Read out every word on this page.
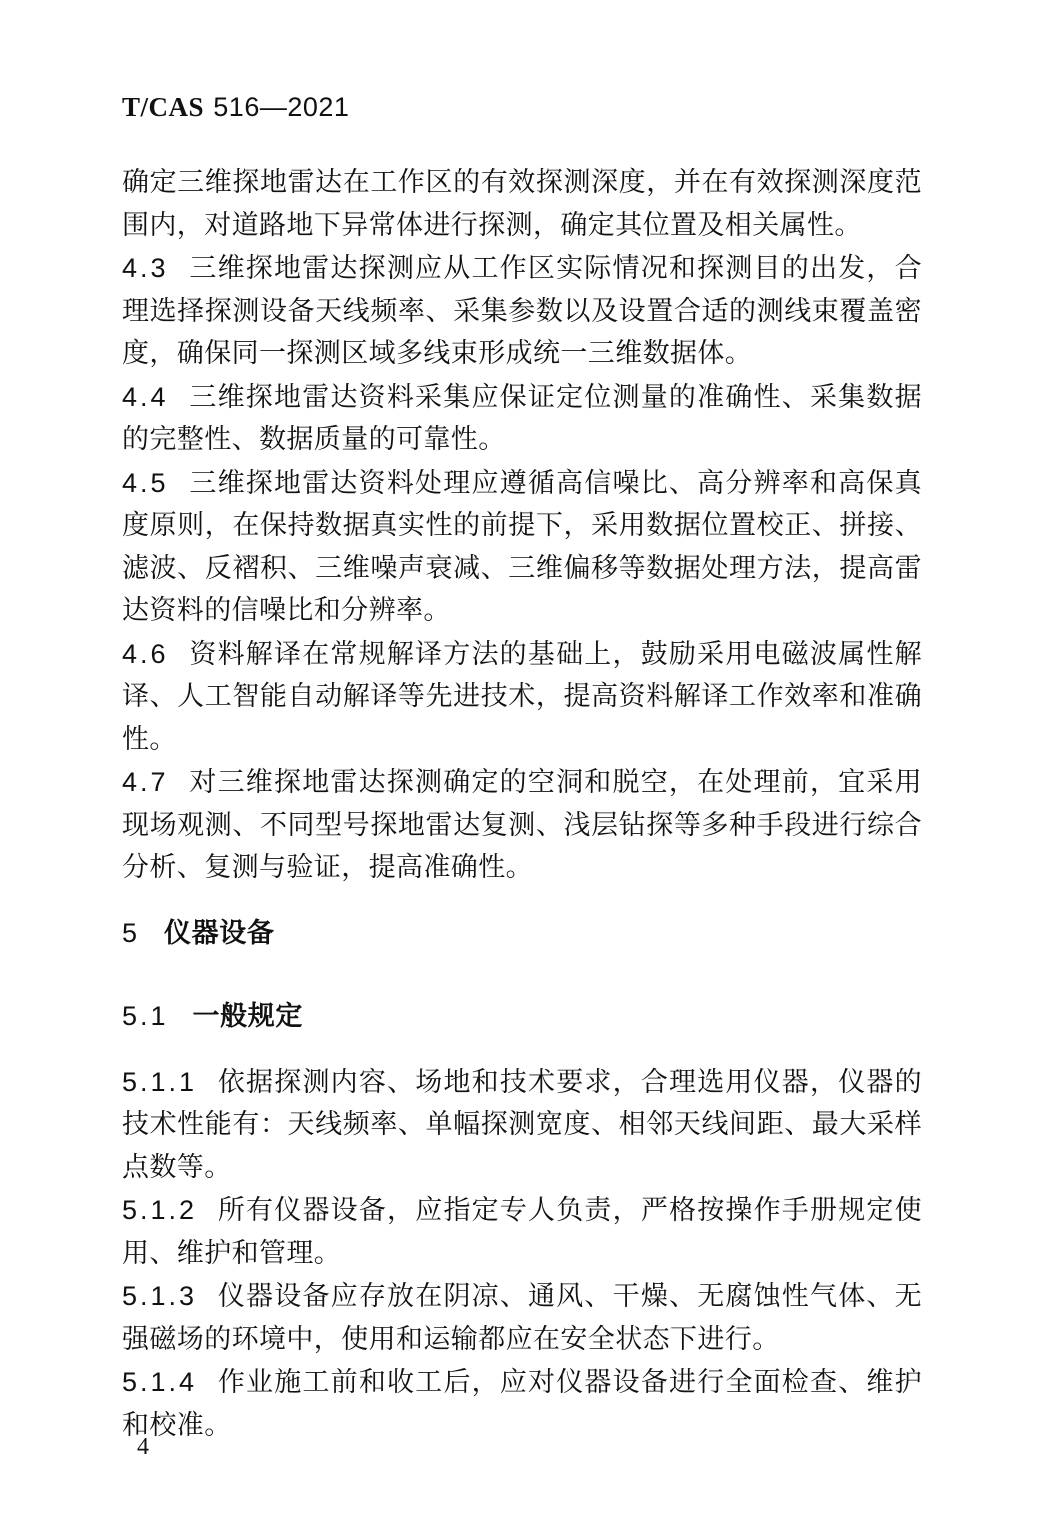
T/CAS 516—2021

确定三维探地雷达在工作区的有效探测深度，并在有效探测深度范围内，对道路地下异常体进行探测，确定其位置及相关属性。

4.3 三维探地雷达探测应从工作区实际情况和探测目的出发，合理选择探测设备天线频率、采集参数以及设置合适的测线束覆盖密度，确保同一探测区域多线束形成统一三维数据体。

4.4 三维探地雷达资料采集应保证定位测量的准确性、采集数据的完整性、数据质量的可靠性。

4.5 三维探地雷达资料处理应遵循高信噪比、高分辨率和高保真度原则，在保持数据真实性的前提下，采用数据位置校正、拼接、滤波、反褶积、三维噪声衰减、三维偏移等数据处理方法，提高雷达资料的信噪比和分辨率。

4.6 资料解译在常规解译方法的基础上，鼓励采用电磁波属性解译、人工智能自动解译等先进技术，提高资料解译工作效率和准确性。

4.7 对三维探地雷达探测确定的空洞和脱空，在处理前，宜采用现场观测、不同型号探地雷达复测、浅层钻探等多种手段进行综合分析、复测与验证，提高准确性。

5 仪器设备

5.1 一般规定

5.1.1 依据探测内容、场地和技术要求，合理选用仪器，仪器的技术性能有：天线频率、单幅探测宽度、相邻天线间距、最大采样点数等。

5.1.2 所有仪器设备，应指定专人负责，严格按操作手册规定使用、维护和管理。

5.1.3 仪器设备应存放在阴凉、通风、干燥、无腐蚀性气体、无强磁场的环境中，使用和运输都应在安全状态下进行。

5.1.4 作业施工前和收工后，应对仪器设备进行全面检查、维护和校准。

4
